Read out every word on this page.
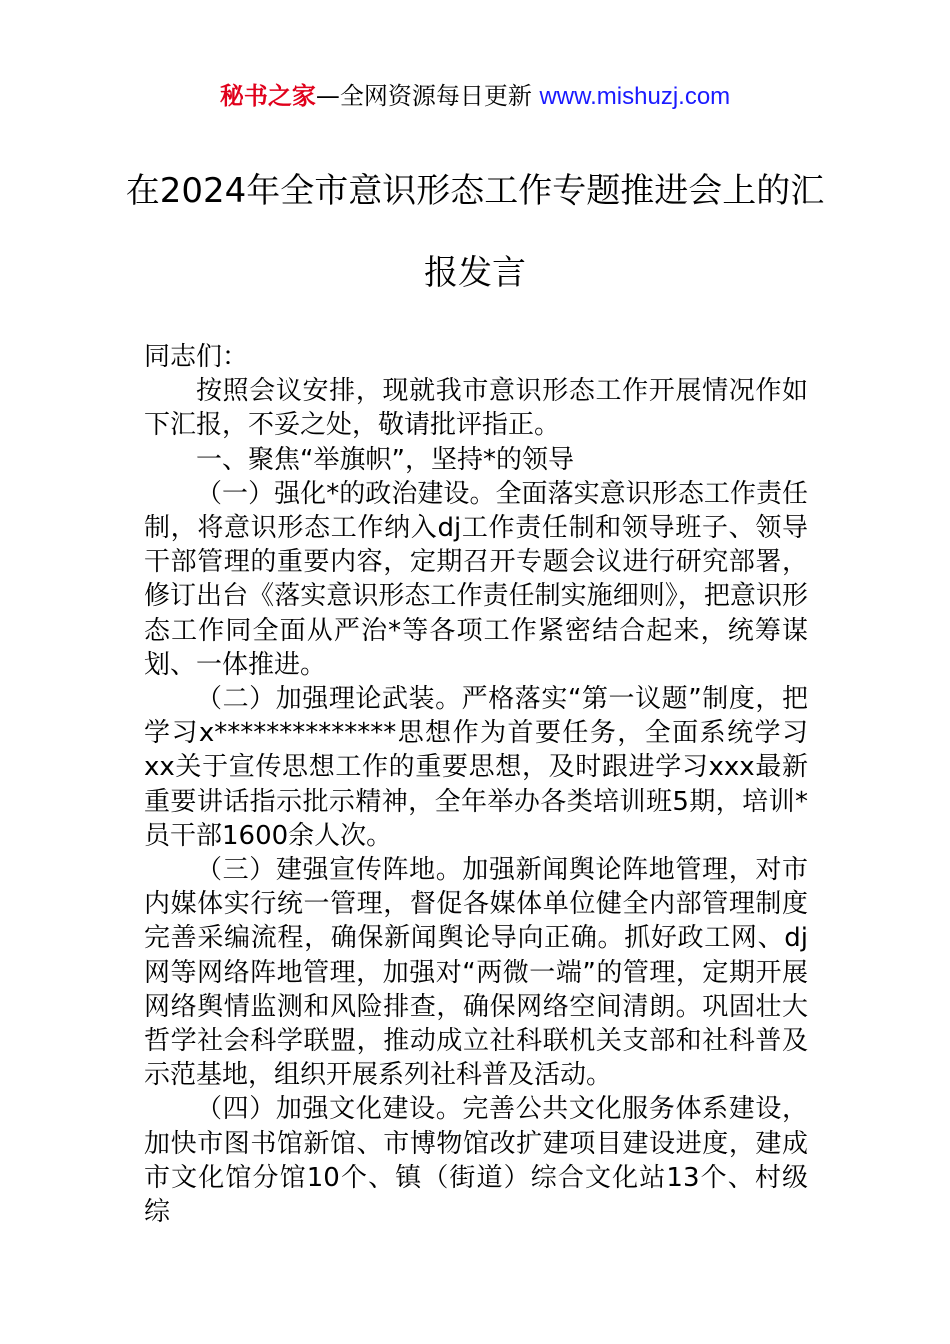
秘书之家—全网资源每日更新 www.mishuzj.com
在2024年全市意识形态工作专题推进会上的汇报发言

同志们：

按照会议安排，现就我市意识形态工作开展情况作如下汇报，不妥之处，敬请批评指正。

一、聚焦“举旗帜”，坚持*的领导

（一）强化*的政治建设。全面落实意识形态工作责任制，将意识形态工作纳入dj工作责任制和领导班子、领导干部管理的重要内容，定期召开专题会议进行研究部署，修订出台《落实意识形态工作责任制实施细则》，把意识形态工作同全面从严治*等各项工作紧密结合起来，统筹谋划、一体推进。

（二）加强理论武装。严格落实“第一议题”制度，把学习x**************思想作为首要任务，全面系统学习xx关于宣传思想工作的重要思想，及时跟进学习xxx最新重要讲话指示批示精神，全年举办各类培训班5期，培训*员干部1600余人次。

（三）建强宣传阵地。加强新闻舆论阵地管理，对市内媒体实行统一管理，督促各媒体单位健全内部管理制度完善采编流程，确保新闻舆论导向正确。抓好政工网、dj网等网络阵地管理，加强对“两微一端”的管理，定期开展网络舆情监测和风险排查，确保网络空间清朗。巩固壮大哲学社会科学联盟，推动成立社科联机关支部和社科普及示范基地，组织开展系列社科普及活动。

（四）加强文化建设。完善公共文化服务体系建设，加快市图书馆新馆、市博物馆改扩建项目建设进度，建成市文化馆分馆10个、镇（街道）综合文化站13个、村级综
